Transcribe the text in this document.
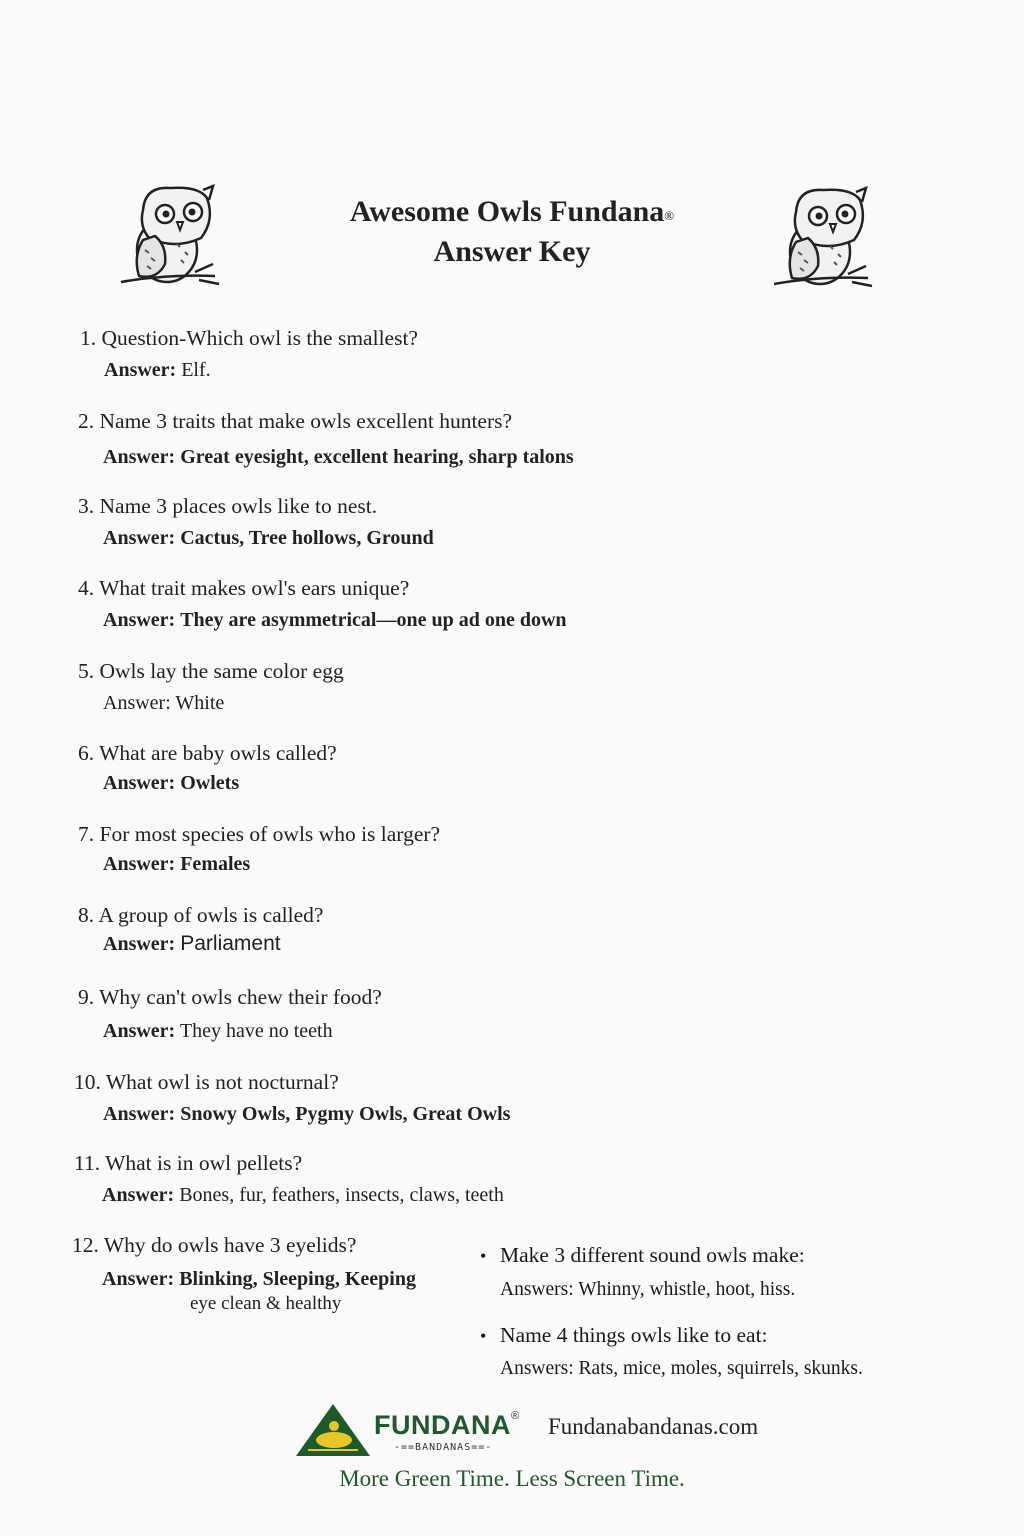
Awesome Owls Fundana®
Answer Key
1. Question-Which owl is the smallest?
Answer: Elf.
2. Name 3 traits that make owls excellent hunters?
Answer: Great eyesight, excellent hearing, sharp talons
3. Name 3 places owls like to nest.
Answer: Cactus, Tree hollows, Ground
4. What trait makes owl's ears unique?
Answer: They are asymmetrical—one up ad one down
5. Owls lay the same color egg
Answer: White
6. What are baby owls called?
Answer: Owlets
7. For most species of owls who is larger?
Answer: Females
8. A group of owls is called?
Answer: Parliament
9. Why can't owls chew their food?
Answer: They have no teeth
10. What owl is not nocturnal?
Answer: Snowy Owls, Pygmy Owls, Great Owls
11. What is in owl pellets?
Answer: Bones, fur, feathers, insects, claws, teeth
12. Why do owls have 3 eyelids?
Answer: Blinking, Sleeping, Keeping
eye clean & healthy
• Make 3 different sound owls make:
Answers: Whinny, whistle, hoot, hiss.
• Name 4 things owls like to eat:
Answers: Rats, mice, moles, squirrels, skunks.
FUNDANA®
-==BANDANAS==-
Fundanabandanas.com
More Green Time. Less Screen Time.
